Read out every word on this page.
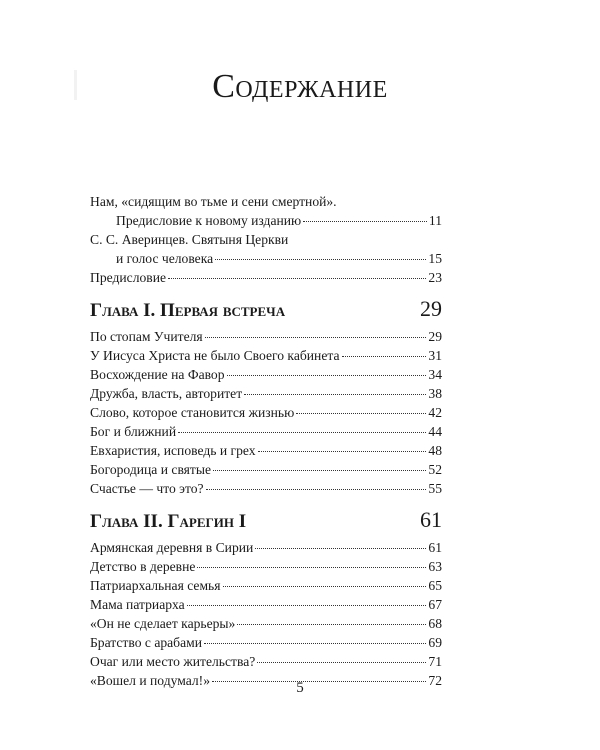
Содержание
Нам, «сидящим во тьме и сени смертной».
Предисловие к новому изданию	11
С. С. Аверинцев. Святыня Церкви
и голос человека	15
Предисловие	23
Глава I. Первая встреча	29
По стопам Учителя	29
У Иисуса Христа не было Своего кабинета	31
Восхождение на Фавор	34
Дружба, власть, авторитет	38
Слово, которое становится жизнью	42
Бог и ближний	44
Евхаристия, исповедь и грех	48
Богородица и святые	52
Счастье — что это?	55
Глава II. Гарегин I	61
Армянская деревня в Сирии	61
Детство в деревне	63
Патриархальная семья	65
Мама патриарха	67
«Он не сделает карьеры»	68
Братство с арабами	69
Очаг или место жительства?	71
«Вошел и подумал!»	72
5
